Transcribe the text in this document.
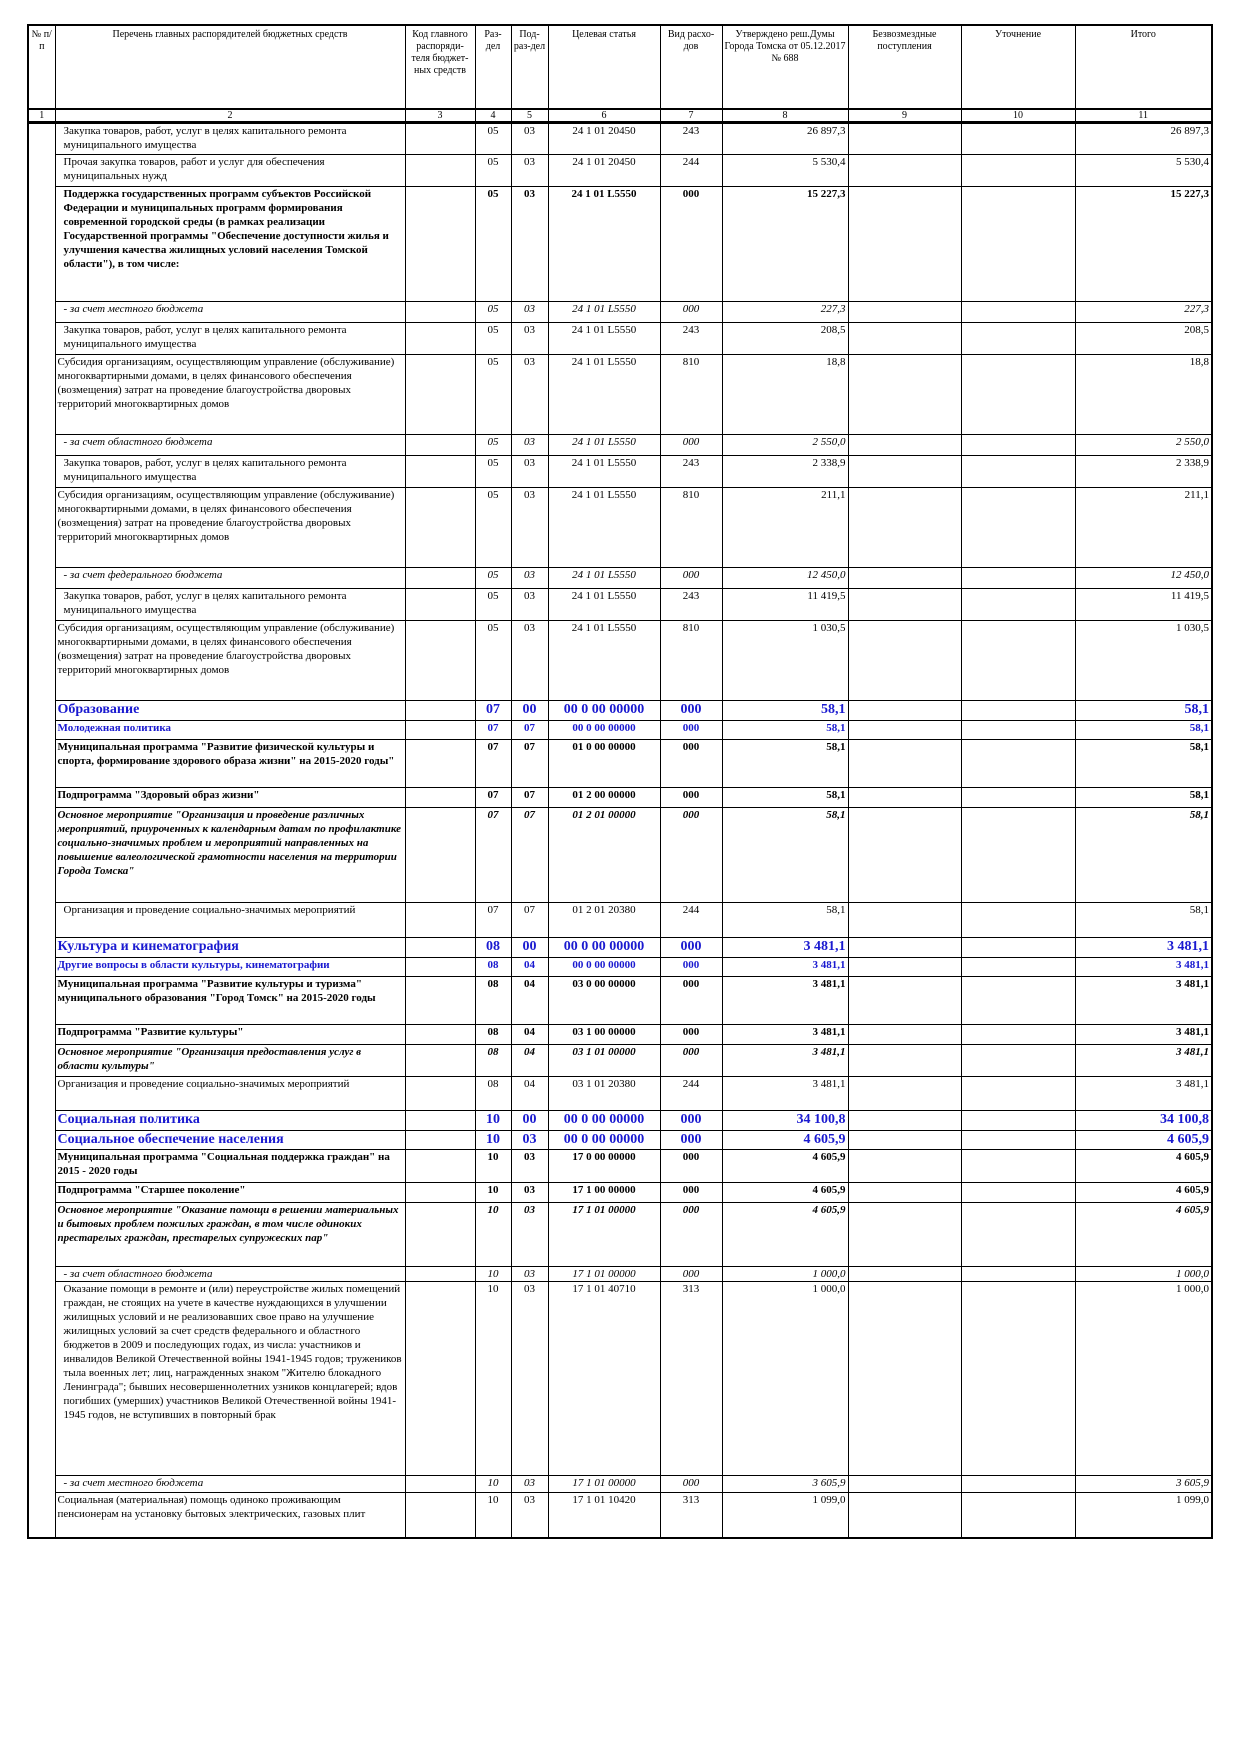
№ п/п	Перечень главных распорядителей бюджетных средств	Код главного распоряди-теля бюджет-ных средств	Раз-дел	Под-раз-дел	Целевая статья	Вид расхо-дов	Утверждено реш.Думы Города Томска от 05.12.2017 № 688	Безвозмездные поступления	Уточнение	Итого
1	2	3	4	5	6	7	8	9	10	11
	Закупка товаров, работ, услуг в целях капитального ремонта муниципального имущества		05	03	24 1 01 20450	243	26 897,3			26 897,3
	Прочая закупка товаров, работ и услуг для обеспечения муниципальных нужд		05	03	24 1 01 20450	244	5 530,4			5 530,4
	Поддержка государственных программ субъектов Российской Федерации и муниципальных программ формирования современной городской среды (в рамках реализации Государственной программы "Обеспечение доступности жилья и улучшения качества жилищных условий населения Томской области"), в том числе:		05	03	24 1 01 L5550	000	15 227,3			15 227,3
	- за счет местного бюджета		05	03	24 1 01 L5550	000	227,3			227,3
	Закупка товаров, работ, услуг в целях капитального ремонта муниципального имущества		05	03	24 1 01 L5550	243	208,5			208,5
	Субсидия организациям, осуществляющим управление (обслуживание) многоквартирными домами, в целях финансового обеспечения (возмещения) затрат на проведение благоустройства дворовых территорий многоквартирных домов		05	03	24 1 01 L5550	810	18,8			18,8
	- за счет областного бюджета		05	03	24 1 01 L5550	000	2 550,0			2 550,0
	Закупка товаров, работ, услуг в целях капитального ремонта муниципального имущества		05	03	24 1 01 L5550	243	2 338,9			2 338,9
	Субсидия организациям, осуществляющим управление (обслуживание) многоквартирными домами, в целях финансового обеспечения (возмещения) затрат на проведение благоустройства дворовых территорий многоквартирных домов		05	03	24 1 01 L5550	810	211,1			211,1
	- за счет федерального бюджета		05	03	24 1 01 L5550	000	12 450,0			12 450,0
	Закупка товаров, работ, услуг в целях капитального ремонта муниципального имущества		05	03	24 1 01 L5550	243	11 419,5			11 419,5
	Субсидия организациям, осуществляющим управление (обслуживание) многоквартирными домами, в целях финансового обеспечения (возмещения) затрат на проведение благоустройства дворовых территорий многоквартирных домов		05	03	24 1 01 L5550	810	1 030,5			1 030,5
	Образование		07	00	00 0 00 00000	000	58,1			58,1
	Молодежная политика		07	07	00 0 00 00000	000	58,1			58,1
	Муниципальная программа "Развитие физической культуры и спорта, формирование здорового образа жизни" на 2015-2020 годы"		07	07	01 0 00 00000	000	58,1			58,1
	Подпрограмма "Здоровый образ жизни"		07	07	01 2 00 00000	000	58,1			58,1
	Основное мероприятие "Организация и проведение различных мероприятий, приуроченных к календарным датам по профилактике социально-значимых проблем и мероприятий направленных на повышение валеологической грамотности населения на территории Города Томска"		07	07	01 2 01 00000	000	58,1			58,1
	Организация и проведение социально-значимых мероприятий		07	07	01 2 01 20380	244	58,1			58,1
	Культура и кинематография		08	00	00 0 00 00000	000	3 481,1			3 481,1
	Другие вопросы в области культуры, кинематографии		08	04	00 0 00 00000	000	3 481,1			3 481,1
	Муниципальная программа "Развитие культуры и туризма" муниципального образования "Город Томск" на 2015-2020 годы		08	04	03 0 00 00000	000	3 481,1			3 481,1
	Подпрограмма "Развитие культуры"		08	04	03 1 00 00000	000	3 481,1			3 481,1
	Основное мероприятие "Организация предоставления услуг в области культуры"		08	04	03 1 01 00000	000	3 481,1			3 481,1
	Организация и проведение социально-значимых мероприятий		08	04	03 1 01 20380	244	3 481,1			3 481,1
	Социальная политика		10	00	00 0 00 00000	000	34 100,8			34 100,8
	Социальное обеспечение населения		10	03	00 0 00 00000	000	4 605,9			4 605,9
	Муниципальная программа "Социальная поддержка граждан" на 2015 - 2020 годы		10	03	17 0 00 00000	000	4 605,9			4 605,9
	Подпрограмма "Старшее поколение"		10	03	17 1 00 00000	000	4 605,9			4 605,9
	Основное мероприятие "Оказание помощи в решении материальных и бытовых проблем пожилых граждан, в том числе одиноких престарелых граждан, престарелых супружеских пар"		10	03	17 1 01 00000	000	4 605,9			4 605,9
	- за счет областного бюджета		10	03	17 1 01 00000	000	1 000,0			1 000,0
	Оказание помощи в ремонте и (или) переустройстве жилых помещений граждан, не стоящих на учете в качестве нуждающихся в улучшении жилищных условий и не реализовавших свое право на улучшение жилищных условий за счет средств федерального и областного бюджетов в 2009 и последующих годах, из числа: участников и инвалидов Великой Отечественной войны 1941-1945 годов; тружеников тыла военных лет; лиц, награжденных знаком "Жителю блокадного Ленинграда"; бывших несовершеннолетних узников концлагерей; вдов погибших (умерших) участников Великой Отечественной войны 1941-1945 годов, не вступивших в повторный брак		10	03	17 1 01 40710	313	1 000,0			1 000,0
	- за счет местного бюджета		10	03	17 1 01 00000	000	3 605,9			3 605,9
	Социальная (материальная) помощь одиноко проживающим пенсионерам на установку бытовых электрических, газовых плит		10	03	17 1 01 10420	313	1 099,0			1 099,0
